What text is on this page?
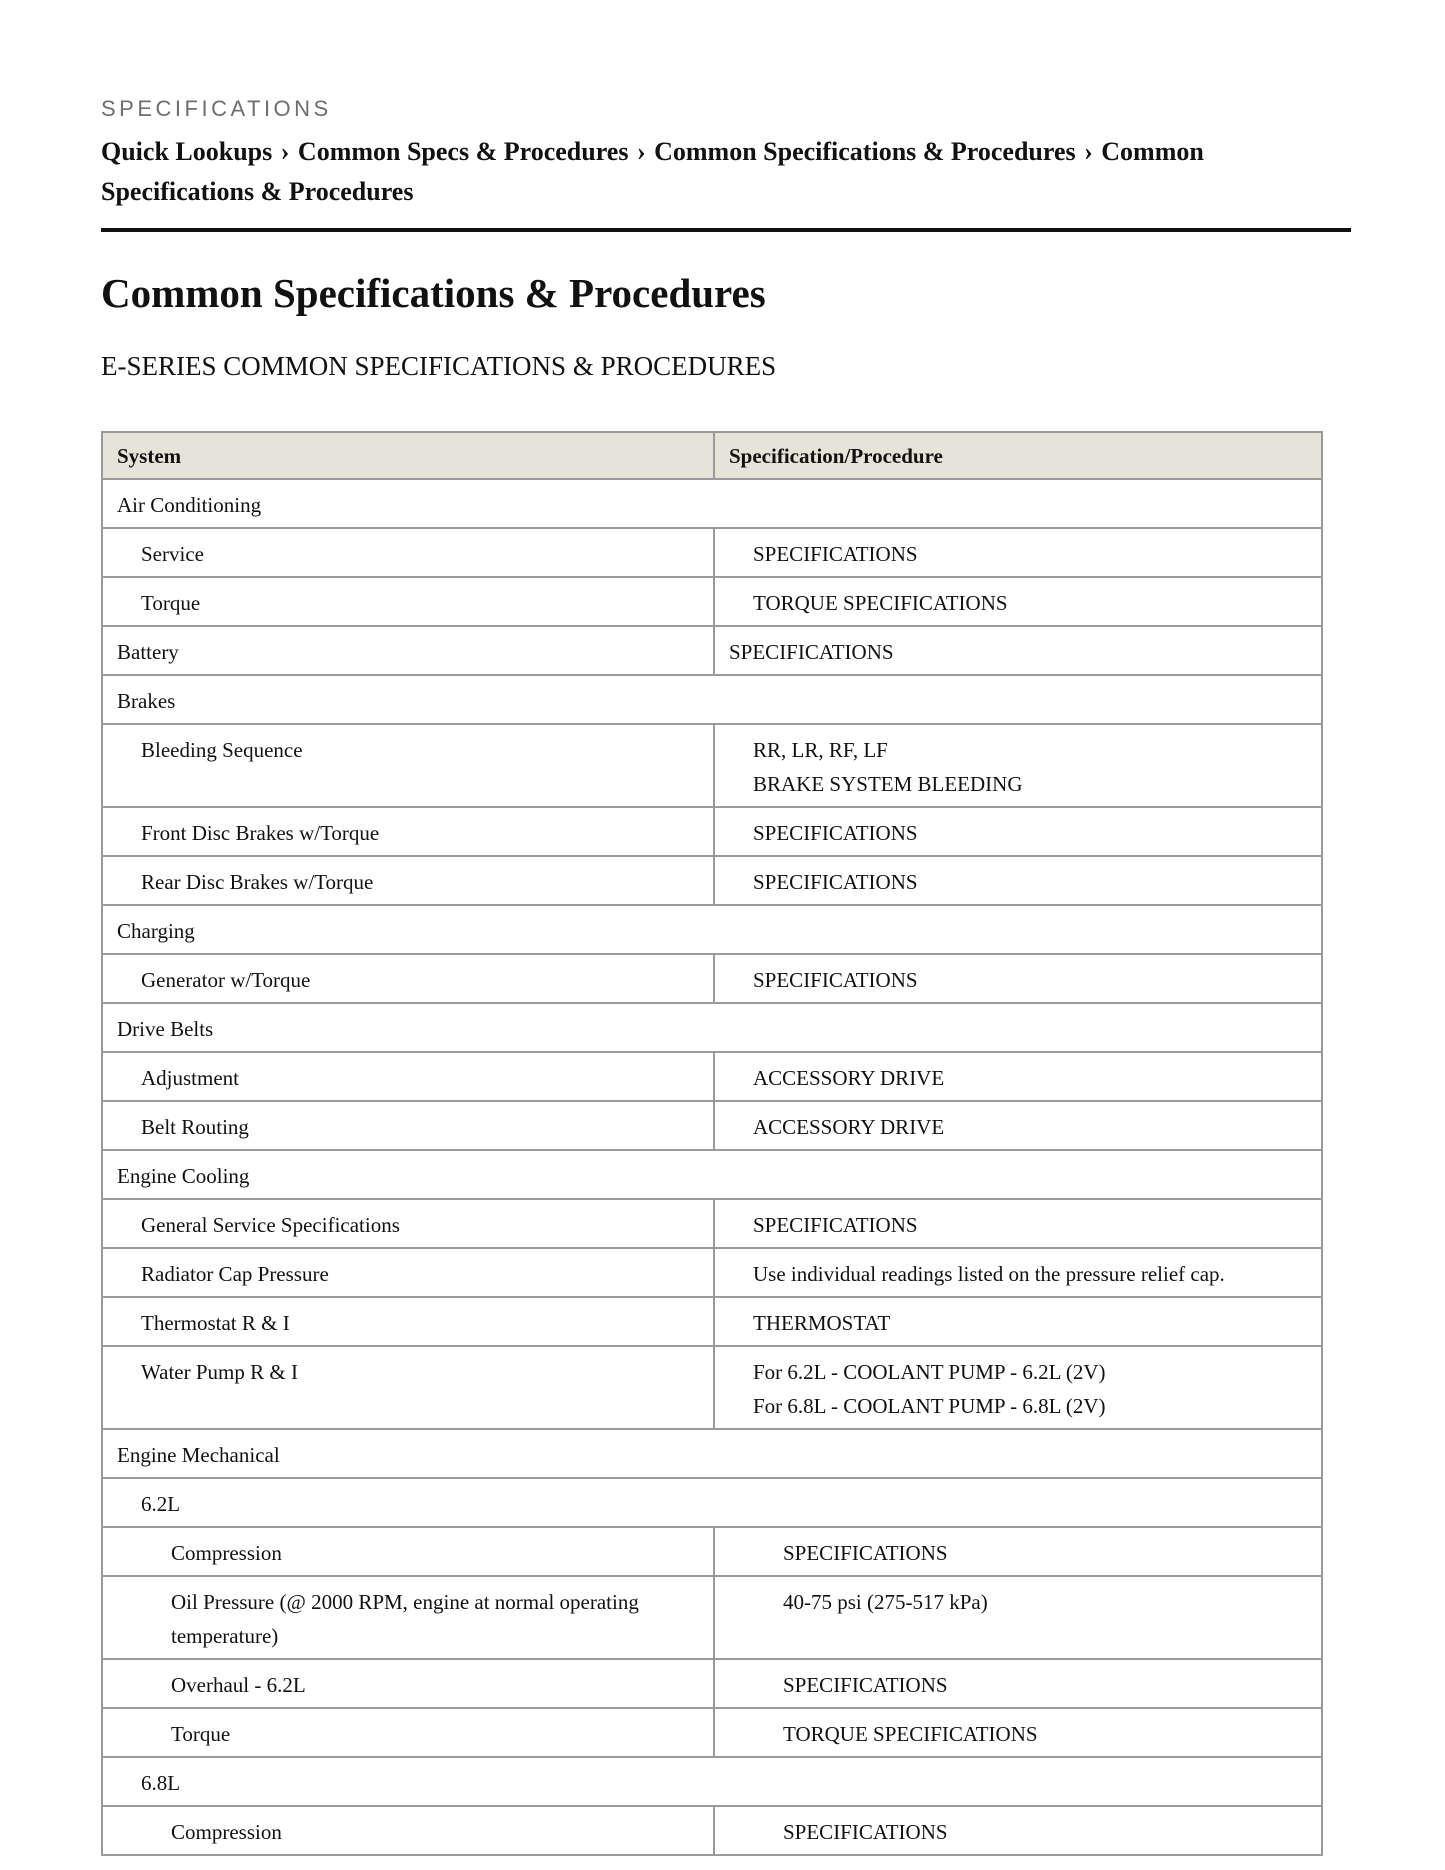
SPECIFICATIONS

Quick Lookups › Common Specs & Procedures › Common Specifications & Procedures › Common Specifications & Procedures

Common Specifications & Procedures
E-SERIES COMMON SPECIFICATIONS & PROCEDURES
System	Specification/Procedure
Air Conditioning	
Service	SPECIFICATIONS

Torque	TORQUE SPECIFICATIONS

Battery	SPECIFICATIONS

Brakes	
Bleeding Sequence	RR, LR, RF, LF
BRAKE SYSTEM BLEEDING

Front Disc Brakes w/Torque	SPECIFICATIONS

Rear Disc Brakes w/Torque	SPECIFICATIONS

Charging	
Generator w/Torque	SPECIFICATIONS

Drive Belts	
Adjustment	ACCESSORY DRIVE

Belt Routing	ACCESSORY DRIVE

Engine Cooling	
General Service Specifications	SPECIFICATIONS

Radiator Cap Pressure	Use individual readings listed on the pressure relief cap.

Thermostat R & I	THERMOSTAT

Water Pump R & I	For 6.2L - COOLANT PUMP - 6.2L (2V)
For 6.8L - COOLANT PUMP - 6.8L (2V)

Engine Mechanical	
6.2L	
Compression	SPECIFICATIONS

Oil Pressure (@ 2000 RPM, engine at normal operating temperature)	40-75 psi (275-517 kPa)

Overhaul - 6.2L	SPECIFICATIONS

Torque	TORQUE SPECIFICATIONS

6.8L	
Compression	SPECIFICATIONS
